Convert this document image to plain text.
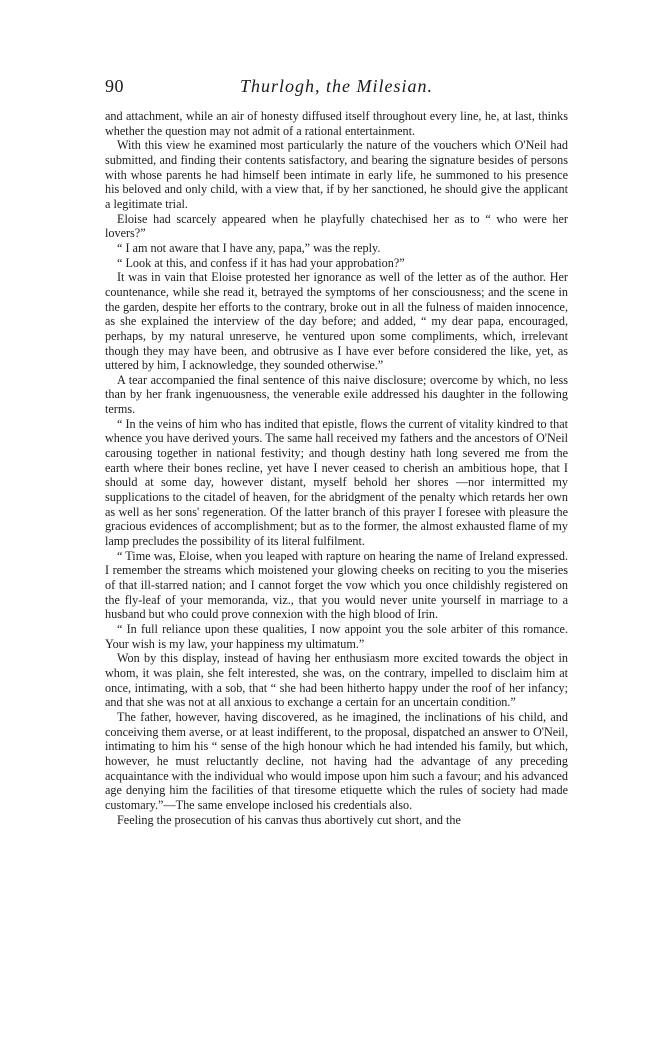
90	Thurlogh, the Milesian.

and attachment, while an air of honesty diffused itself throughout every line, he, at last, thinks whether the question may not admit of a rational entertainment.

With this view he examined most particularly the nature of the vouchers which O'Neil had submitted, and finding their contents satisfactory, and bearing the signature besides of persons with whose parents he had himself been intimate in early life, he summoned to his presence his beloved and only child, with a view that, if by her sanctioned, he should give the applicant a legitimate trial.

Eloise had scarcely appeared when he playfully chatechised her as to “ who were her lovers?”

“ I am not aware that I have any, papa,” was the reply.

“ Look at this, and confess if it has had your approbation?”

It was in vain that Eloise protested her ignorance as well of the letter as of the author. Her countenance, while she read it, betrayed the symptoms of her consciousness; and the scene in the garden, despite her efforts to the contrary, broke out in all the fulness of maiden innocence, as she explained the interview of the day before; and added, “ my dear papa, encouraged, perhaps, by my natural unreserve, he ventured upon some compliments, which, irrelevant though they may have been, and obtrusive as I have ever before considered the like, yet, as uttered by him, I acknowledge, they sounded otherwise.”

A tear accompanied the final sentence of this naive disclosure; overcome by which, no less than by her frank ingenuousness, the venerable exile addressed his daughter in the following terms.

“ In the veins of him who has indited that epistle, flows the current of vitality kindred to that whence you have derived yours. The same hall received my fathers and the ancestors of O'Neil carousing together in national festivity; and though destiny hath long severed me from the earth where their bones recline, yet have I never ceased to cherish an ambitious hope, that I should at some day, however distant, myself behold her shores —nor intermitted my supplications to the citadel of heaven, for the abridgment of the penalty which retards her own as well as her sons' regeneration. Of the latter branch of this prayer I foresee with pleasure the gracious evidences of accomplishment; but as to the former, the almost exhausted flame of my lamp precludes the possibility of its literal fulfilment.

“ Time was, Eloise, when you leaped with rapture on hearing the name of Ireland expressed. I remember the streams which moistened your glowing cheeks on reciting to you the miseries of that ill-starred nation; and I cannot forget the vow which you once childishly registered on the fly-leaf of your memoranda, viz., that you would never unite yourself in marriage to a husband but who could prove connexion with the high blood of Irin.

“ In full reliance upon these qualities, I now appoint you the sole arbiter of this romance. Your wish is my law, your happiness my ultimatum.”

Won by this display, instead of having her enthusiasm more excited towards the object in whom, it was plain, she felt interested, she was, on the contrary, impelled to disclaim him at once, intimating, with a sob, that “ she had been hitherto happy under the roof of her infancy; and that she was not at all anxious to exchange a certain for an uncertain condition.”

The father, however, having discovered, as he imagined, the inclinations of his child, and conceiving them averse, or at least indifferent, to the proposal, dispatched an answer to O'Neil, intimating to him his “ sense of the high honour which he had intended his family, but which, however, he must reluctantly decline, not having had the advantage of any preceding acquaintance with the individual who would impose upon him such a favour; and his advanced age denying him the facilities of that tiresome etiquette which the rules of society had made customary.”—The same envelope inclosed his credentials also.

Feeling the prosecution of his canvas thus abortively cut short, and the
